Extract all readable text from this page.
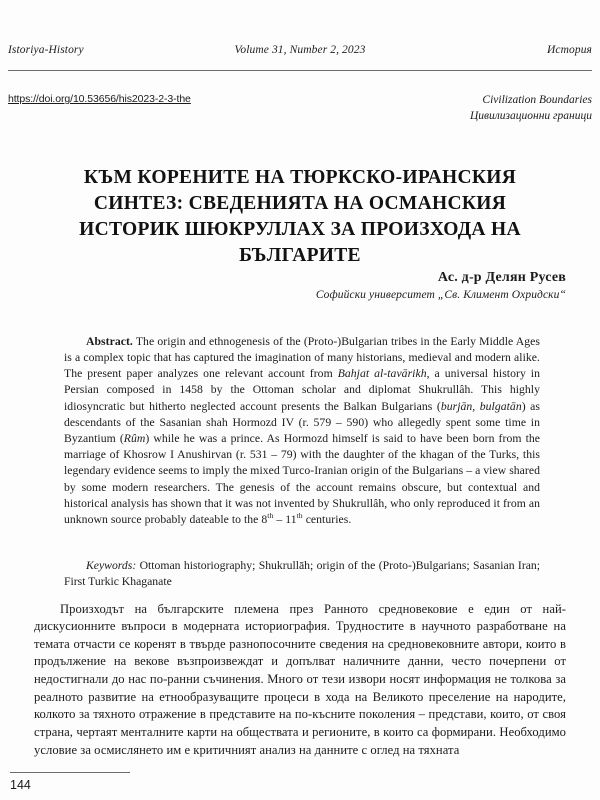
Istoriya-History	Volume 31, Number 2, 2023	История
https://doi.org/10.53656/his2023-2-3-the	Civilization Boundaries
Цивилизационни граници
КЪМ КОРЕНИТЕ НА ТЮРКСКО-ИРАНСКИЯ СИНТЕЗ: СВЕДЕНИЯТА НА ОСМАНСКИЯ ИСТОРИК ШЮКРУЛЛАХ ЗА ПРОИЗХОДА НА БЪЛГАРИТЕ
Ас. д-р Делян Русев
Софийски университет „Св. Климент Охридски“

Abstract. The origin and ethnogenesis of the (Proto-)Bulgarian tribes in the Early Middle Ages is a complex topic that has captured the imagination of many historians, medieval and modern alike. The present paper analyzes one relevant account from Bahjat al-tavārikh, a universal history in Persian composed in 1458 by the Ottoman scholar and diplomat Shukrullâh. This highly idiosyncratic but hitherto neglected account presents the Balkan Bulgarians (burjān, bulgatān) as descendants of the Sasanian shah Hormozd IV (r. 579 – 590) who allegedly spent some time in Byzantium (Rûm) while he was a prince. As Hormozd himself is said to have been born from the marriage of Khosrow I Anushirvan (r. 531 – 79) with the daughter of the khagan of the Turks, this legendary evidence seems to imply the mixed Turco-Iranian origin of the Bulgarians – a view shared by some modern researchers. The genesis of the account remains obscure, but contextual and historical analysis has shown that it was not invented by Shukrullâh, who only reproduced it from an unknown source probably dateable to the 8th – 11th centuries.

Keywords: Ottoman historiography; Shukrullāh; origin of the (Proto-)Bulgarians; Sasanian Iran; First Turkic Khaganate

Произходът на българските племена през Ранното средновековие е един от най-дискусионните въпроси в модерната историография. Трудностите в научното разработване на темата отчасти се коренят в твърде разнопосочните сведения на средновековните автори, които в продължение на векове възпроизвеждат и допълват наличните данни, често почерпени от недостигнали до нас по-ранни съчинения. Много от тези извори носят информация не толкова за реалното развитие на етнообразуващите процеси в хода на Великото преселение на народите, колкото за тяхното отражение в представите на по-късните поколения – представи, които, от своя страна, чертаят менталните карти на обществата и регионите, в които са формирани. Необходимо условие за осмислянето им е критичният анализ на данните с оглед на тяхната

144
